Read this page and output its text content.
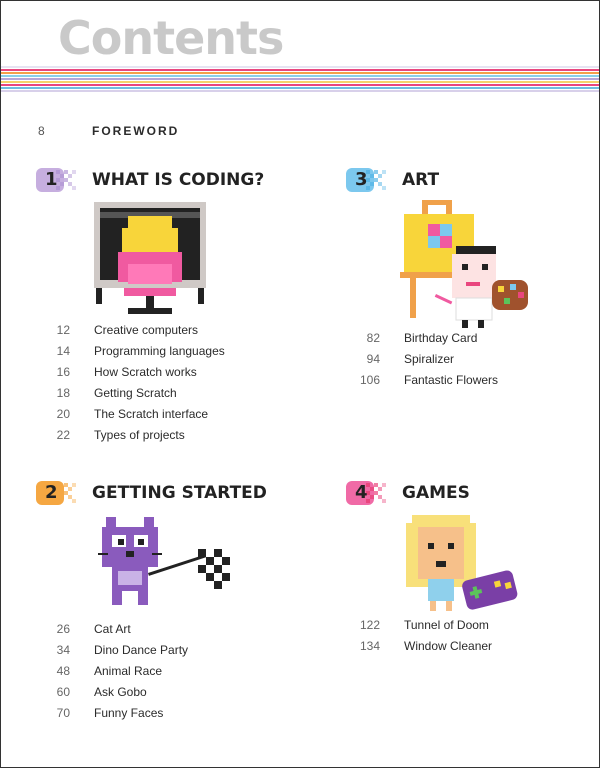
Contents
8	FOREWORD
1 WHAT IS CODING?
12 Creative computers
14 Programming languages
16 How Scratch works
18 Getting Scratch
20 The Scratch interface
22 Types of projects
2 GETTING STARTED
26 Cat Art
34 Dino Dance Party
48 Animal Race
60 Ask Gobo
70 Funny Faces
3 ART
82 Birthday Card
94 Spiralizer
106 Fantastic Flowers
4 GAMES
122 Tunnel of Doom
134 Window Cleaner
